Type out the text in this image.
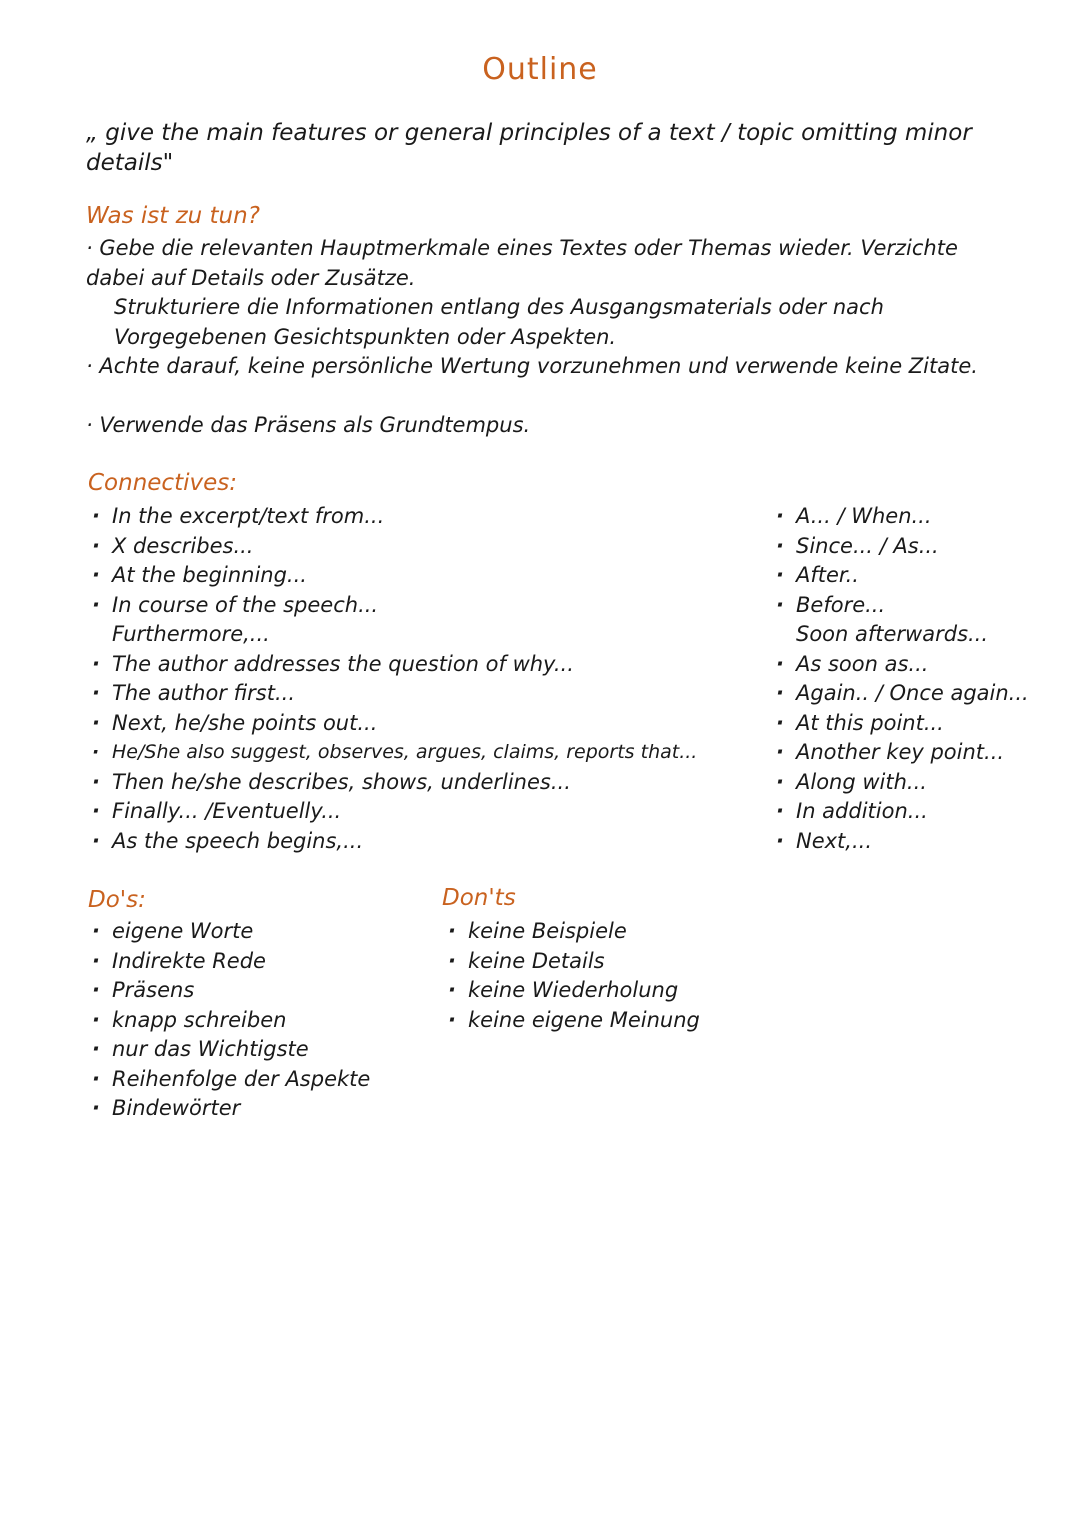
Outline
„ give the main features or general principles of a text / topic omitting minor details"
Was ist zu tun?
· Gebe die relevanten Hauptmerkmale eines Textes oder Themas wieder. Verzichte dabei auf Details oder Zusätze.
Strukturiere die Informationen entlang des Ausgangsmaterials oder nach Vorgegebenen Gesichtspunkten oder Aspekten.
· Achte darauf, keine persönliche Wertung vorzunehmen und verwende keine Zitate.
· Verwende das Präsens als Grundtempus.
Connectives:
· In the excerpt/text from...
· X describes...
· At the beginning...
· In course of the speech...
Furthermore,...
· The author addresses the question of why...
· The author first...
· Next, he/she points out...
· He/She also suggest, observes, argues, claims, reports that...
· Then he/she describes, shows, underlines...
· Finally... /Eventuelly...
· As the speech begins,...
· A... / When...
· Since... / As...
· After..
· Before...
Soon afterwards...
· As soon as...
· Again.. / Once again...
· At this point...
· Another key point...
· Along with...
· In addition...
· Next,...
Do's:
· eigene Worte
· Indirekte Rede
· Präsens
· knapp schreiben
· nur das Wichtigste
· Reihenfolge der Aspekte
· Bindewörter
Don'ts
· keine Beispiele
· keine Details
· keine Wiederholung
· keine eigene Meinung
